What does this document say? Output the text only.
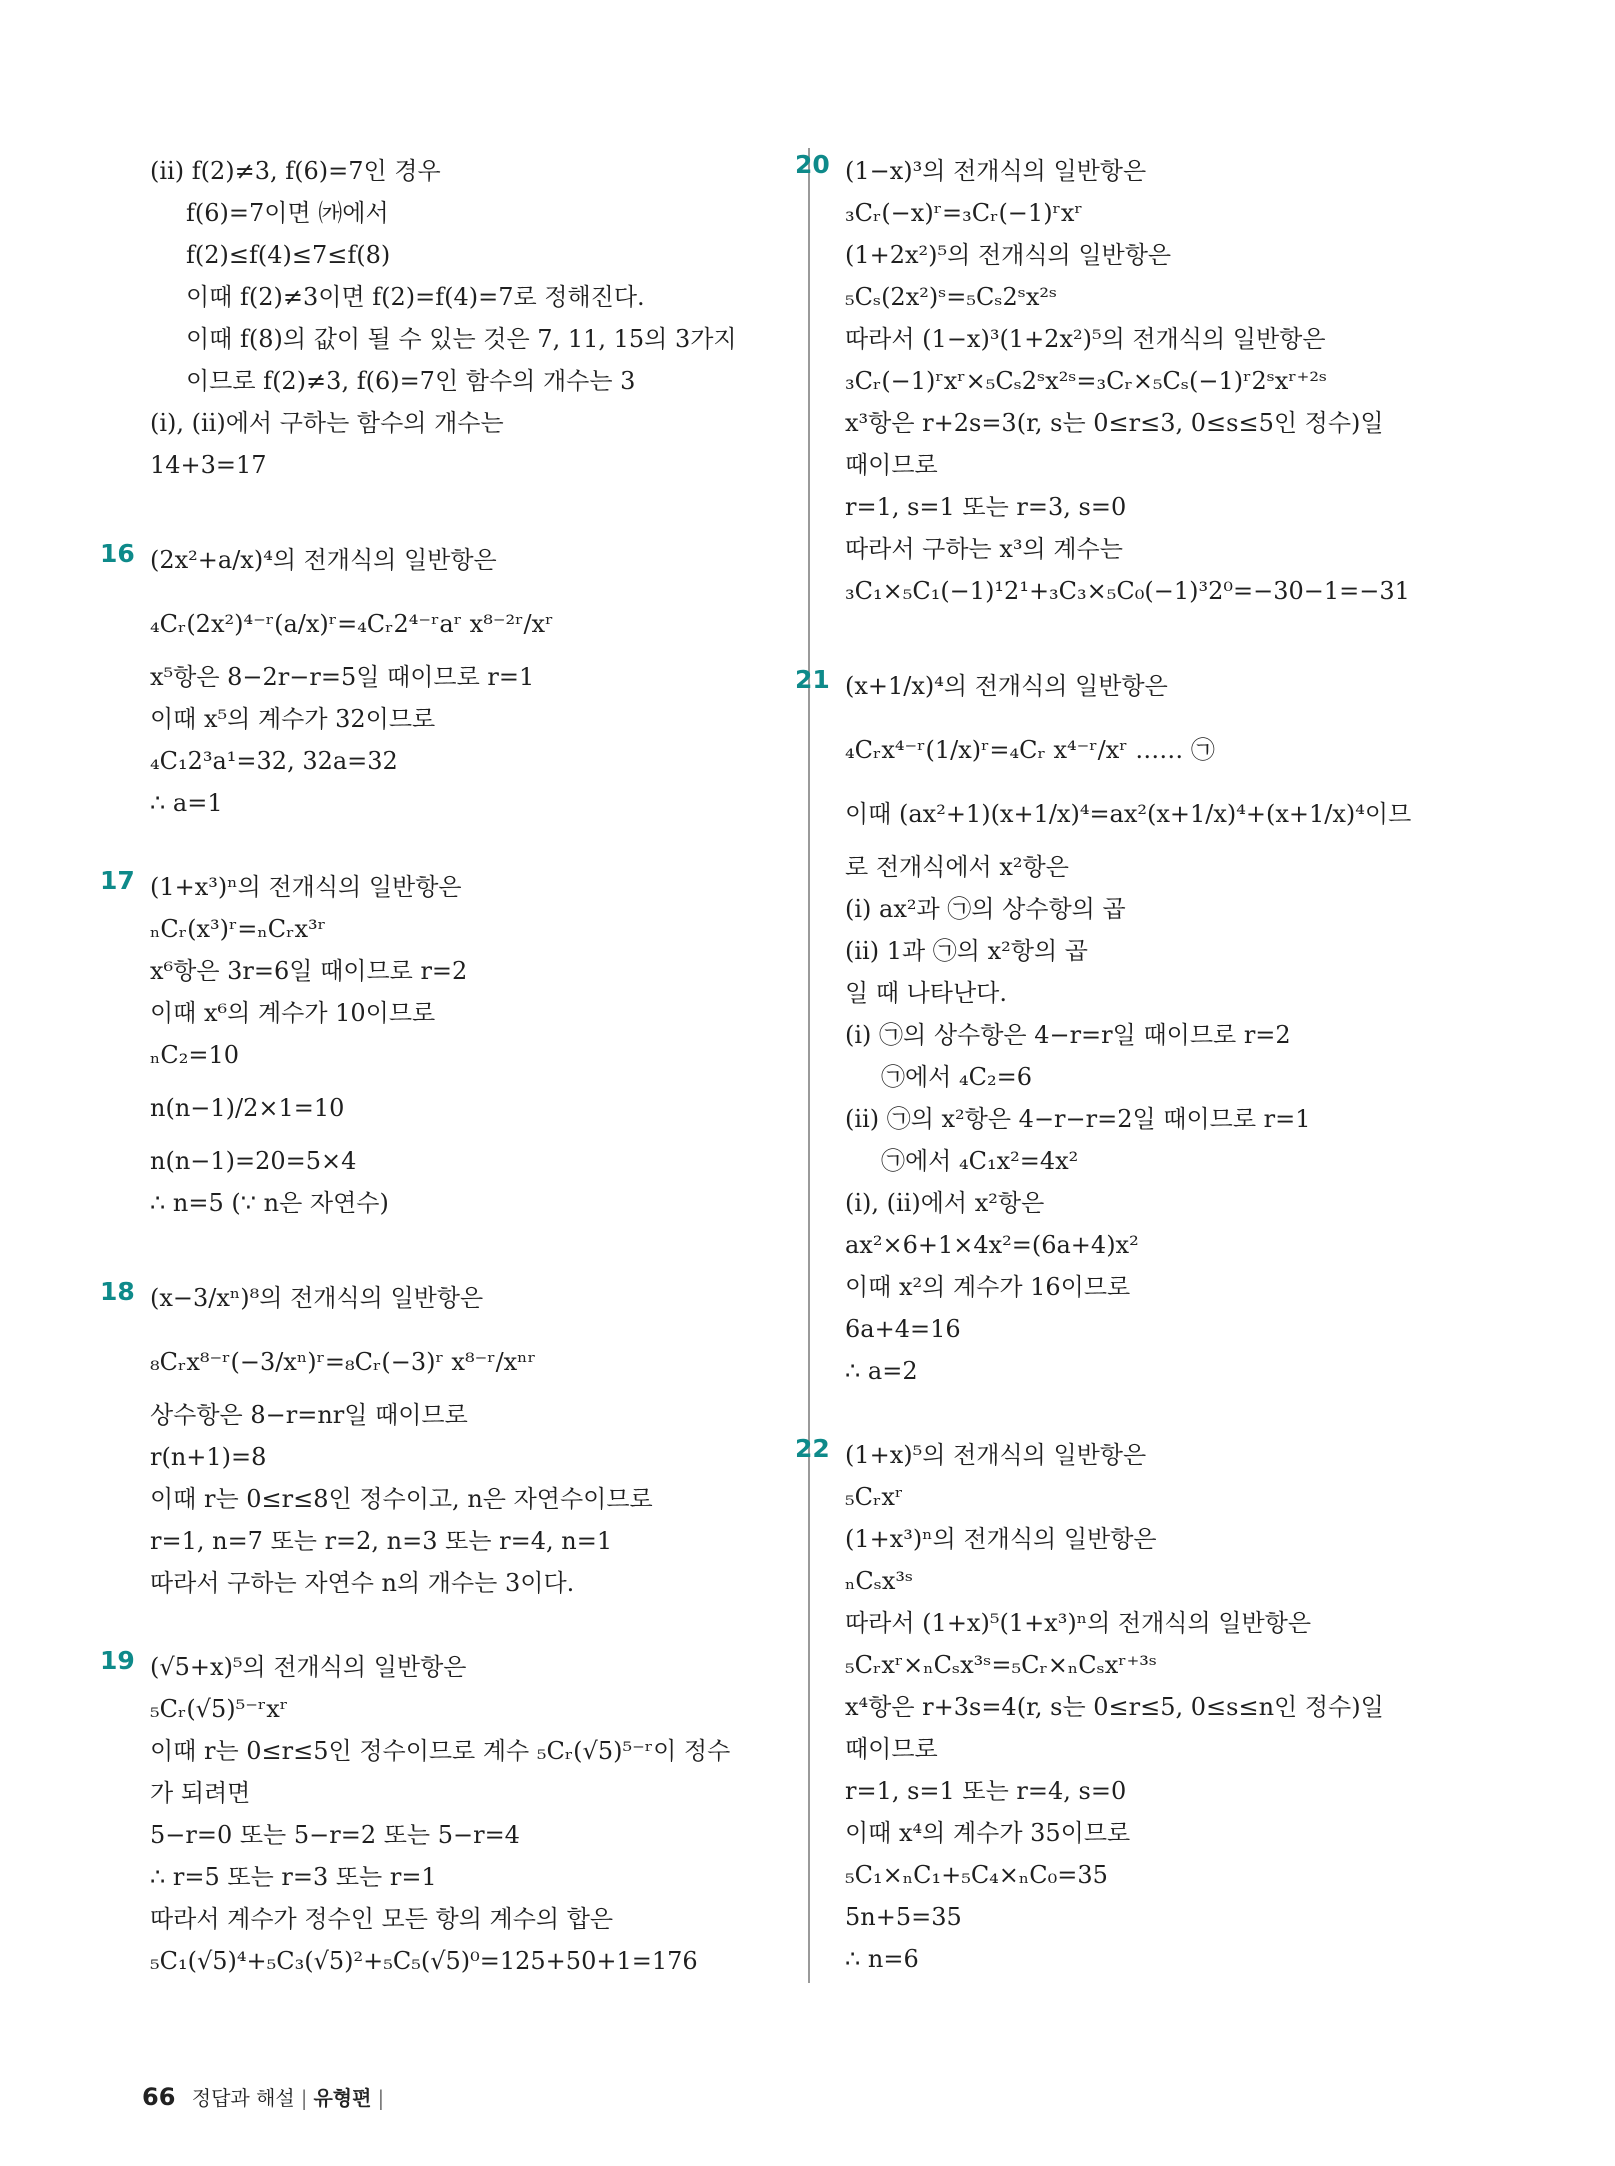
(ⅱ) f(2)≠3, f(6)=7인 경우
f(6)=7이면 ㈎에서
f(2)≤f(4)≤7≤f(8)
이때 f(2)≠3이면 f(2)=f(4)=7로 정해진다.
이때 f(8)의 값이 될 수 있는 것은 7, 11, 15의 3가지
이므로 f(2)≠3, f(6)=7인 함수의 개수는 3
(ⅰ), (ⅱ)에서 구하는 함수의 개수는
14+3=17
16 (2x²+a/x)⁴의 전개식의 일반항은
₄Cᵣ(2x²)⁴⁻ʳ(a/x)ʳ=₄Cᵣ2⁴⁻ʳaʳ x⁸⁻²ʳ/xʳ
x⁵항은 8−2r−r=5일 때이므로 r=1
이때 x⁵의 계수가 32이므로
₄C₁2³a¹=32, 32a=32
∴ a=1
17 (1+x³)ⁿ의 전개식의 일반항은
ₙCᵣ(x³)ʳ=ₙCᵣx³ʳ
x⁶항은 3r=6일 때이므로 r=2
이때 x⁶의 계수가 10이므로
ₙC₂=10
n(n−1)/2×1=10
n(n−1)=20=5×4
∴ n=5 (∵ n은 자연수)
18 (x−3/xⁿ)⁸의 전개식의 일반항은
₈Cᵣx⁸⁻ʳ(−3/xⁿ)ʳ=₈Cᵣ(−3)ʳ x⁸⁻ʳ/xⁿʳ
상수항은 8−r=nr일 때이므로
r(n+1)=8
이때 r는 0≤r≤8인 정수이고, n은 자연수이므로
r=1, n=7 또는 r=2, n=3 또는 r=4, n=1
따라서 구하는 자연수 n의 개수는 3이다.
19 (√5+x)⁵의 전개식의 일반항은
₅Cᵣ(√5)⁵⁻ʳxʳ
이때 r는 0≤r≤5인 정수이므로 계수 ₅Cᵣ(√5)⁵⁻ʳ이 정수
가 되려면
5−r=0 또는 5−r=2 또는 5−r=4
∴ r=5 또는 r=3 또는 r=1
따라서 계수가 정수인 모든 항의 계수의 합은
₅C₁(√5)⁴+₅C₃(√5)²+₅C₅(√5)⁰=125+50+1=176
20 (1−x)³의 전개식의 일반항은
₃Cᵣ(−x)ʳ=₃Cᵣ(−1)ʳxʳ
(1+2x²)⁵의 전개식의 일반항은
₅Cₛ(2x²)ˢ=₅Cₛ2ˢx²ˢ
따라서 (1−x)³(1+2x²)⁵의 전개식의 일반항은
₃Cᵣ(−1)ʳxʳ×₅Cₛ2ˢx²ˢ=₃Cᵣ×₅Cₛ(−1)ʳ2ˢxʳ⁺²ˢ
x³항은 r+2s=3(r, s는 0≤r≤3, 0≤s≤5인 정수)일
때이므로
r=1, s=1 또는 r=3, s=0
따라서 구하는 x³의 계수는
₃C₁×₅C₁(−1)¹2¹+₃C₃×₅C₀(−1)³2⁰=−30−1=−31
21 (x+1/x)⁴의 전개식의 일반항은
₄Cᵣx⁴⁻ʳ(1/x)ʳ=₄Cᵣ x⁴⁻ʳ/xʳ …… ㉠
이때 (ax²+1)(x+1/x)⁴=ax²(x+1/x)⁴+(x+1/x)⁴이므
로 전개식에서 x²항은
(ⅰ) ax²과 ㉠의 상수항의 곱
(ⅱ) 1과 ㉠의 x²항의 곱
일 때 나타난다.
(ⅰ) ㉠의 상수항은 4−r=r일 때이므로 r=2
㉠에서 ₄C₂=6
(ⅱ) ㉠의 x²항은 4−r−r=2일 때이므로 r=1
㉠에서 ₄C₁x²=4x²
(ⅰ), (ⅱ)에서 x²항은
ax²×6+1×4x²=(6a+4)x²
이때 x²의 계수가 16이므로
6a+4=16
∴ a=2
22 (1+x)⁵의 전개식의 일반항은
₅Cᵣxʳ
(1+x³)ⁿ의 전개식의 일반항은
ₙCₛx³ˢ
따라서 (1+x)⁵(1+x³)ⁿ의 전개식의 일반항은
₅Cᵣxʳ×ₙCₛx³ˢ=₅Cᵣ×ₙCₛxʳ⁺³ˢ
x⁴항은 r+3s=4(r, s는 0≤r≤5, 0≤s≤n인 정수)일
때이므로
r=1, s=1 또는 r=4, s=0
이때 x⁴의 계수가 35이므로
₅C₁×ₙC₁+₅C₄×ₙC₀=35
5n+5=35
∴ n=6
66 정답과 해설 | 유형편 |
